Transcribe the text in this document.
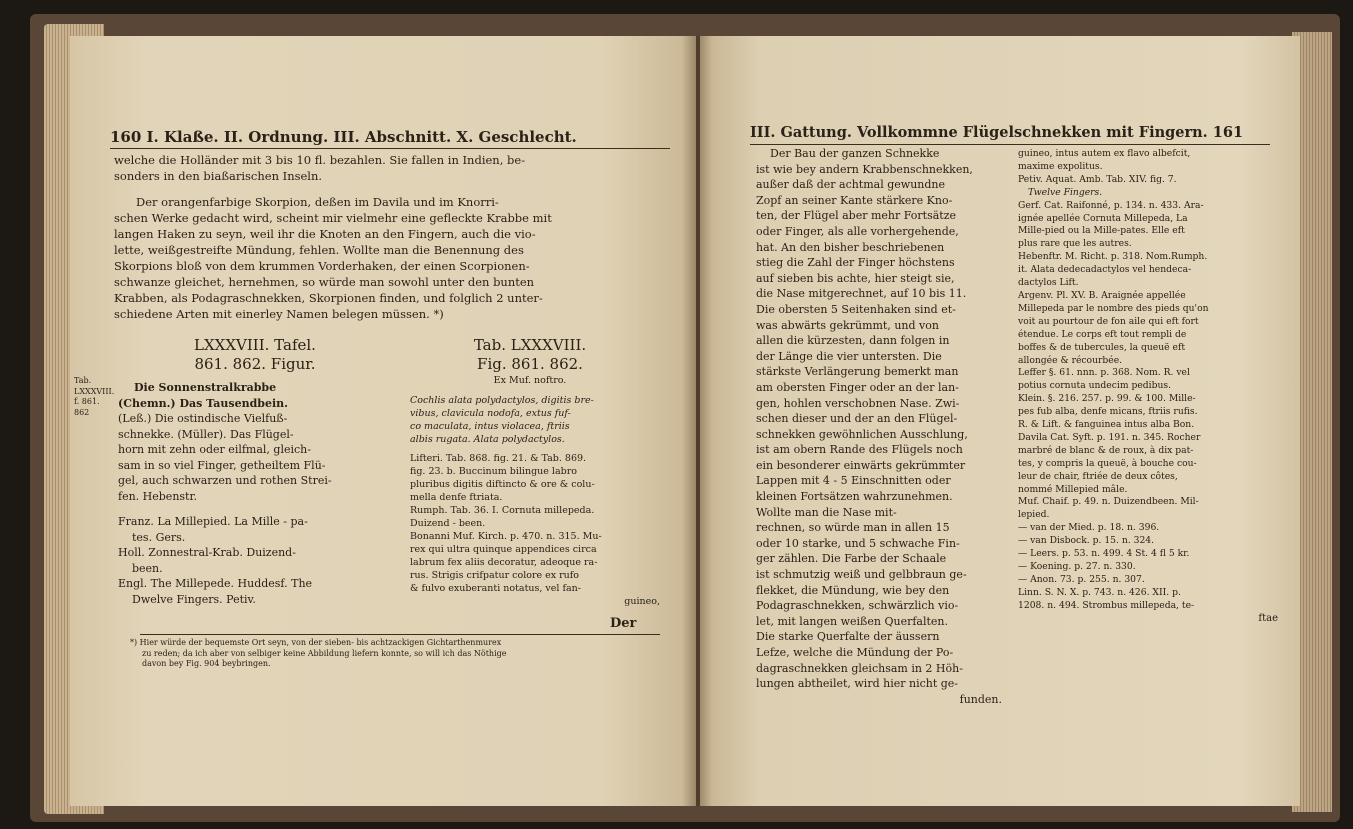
160 I. Klaße. II. Ordnung. III. Abschnitt. X. Geschlecht.
welche die Holländer mit 3 bis 10 fl. bezahlen. Sie fallen in Indien, be-
sonders in den biaßarischen Inseln.
Der orangenfarbige Skorpion, deßen im Davila und im Knorri-
schen Werke gedacht wird, scheint mir vielmehr eine gefleckte Krabbe mit
langen Haken zu seyn, weil ihr die Knoten an den Fingern, auch die vio-
lette, weißgestreifte Mündung, fehlen. Wollte man die Benennung des
Skorpions bloß von dem krummen Vorderhaken, der einen Scorpionen-
schwanze gleichet, hernehmen, so würde man sowohl unter den bunten
Krabben, als Podagraschnekken, Skorpionen finden, und folglich 2 unter-
schiedene Arten mit einerley Namen belegen müssen. *)
LXXXVIII. Tafel.
861. 862. Figur.
Tab. LXXXVIII.
Fig. 861. 862.
Ex Muf. noftro.
Tab. LXXXVIII. f. 861. 862
Die Sonnenstralkrabbe
(Chemn.) Das Tausendbein.
(Leß.) Die ostindische Vielfuß-
schnekke. (Müller). Das Flügel-
horn mit zehn oder eilfmal, gleich-
sam in so viel Finger, getheiltem Flü-
gel, auch schwarzen und rothen Strei-
fen. Hebenstr.
Franz. La Millepied. La Mille - pa-
tes. Gers.
Holl. Zonnestral-Krab. Duizend-
been.
Engl. The Millepede. Huddesf. The
Dwelve Fingers. Petiv.
Cochlis alata polydactylos, digitis bre-
vibus, clavicula nodofa, extus fuf-
co maculata, intus violacea, ftriis
albis rugata. Alata polydactylos.
Lifteri. Tab. 868. fig. 21. & Tab. 869.
fig. 23. b. Buccinum bilingue labro
pluribus digitis diftincto & ore & colu-
mella denfe ftriata.
Rumph. Tab. 36. I. Cornuta millepeda.
Duizend - been.
Bonanni Muf. Kirch. p. 470. n. 315. Mu-
rex qui ultra quinque appendices circa
labrum fex aliis decoratur, adeoque ra-
rus. Strigis crifpatur colore ex rufo
& fulvo exuberanti notatus, vel fan-
guineo,
Der
*) Hier würde der bequemste Ort seyn, von der sieben- bis achtzackigen Gichtarthenmurex
zu reden; da ich aber von selbiger keine Abbildung liefern konnte, so will ich das Nöthige
davon bey Fig. 904 beybringen.
III. Gattung. Vollkommne Flügelschnekken mit Fingern. 161
Der Bau der ganzen Schnekke
ist wie bey andern Krabbenschnekken,
außer daß der achtmal gewundne
Zopf an seiner Kante stärkere Kno-
ten, der Flügel aber mehr Fortsätze
oder Finger, als alle vorhergehende,
hat. An den bisher beschriebenen
stieg die Zahl der Finger höchstens
auf sieben bis achte, hier steigt sie,
die Nase mitgerechnet, auf 10 bis 11.
Die obersten 5 Seitenhaken sind et-
was abwärts gekrümmt, und von
allen die kürzesten, dann folgen in
der Länge die vier untersten. Die
stärkste Verlängerung bemerkt man
am obersten Finger oder an der lan-
gen, hohlen verschobnen Nase. Zwi-
schen dieser und der an den Flügel-
schnekken gewöhnlichen Ausschlung,
ist am obern Rande des Flügels noch
ein besonderer einwärts gekrümmter
Lappen mit 4 - 5 Einschnitten oder
kleinen Fortsätzen wahrzunehmen.
Wollte man die Nase mit-
rechnen, so würde man in allen 15
oder 10 starke, und 5 schwache Fin-
ger zählen. Die Farbe der Schaale
ist schmutzig weiß und gelbbraun ge-
flekket, die Mündung, wie bey den
Podagraschnekken, schwärzlich vio-
let, mit langen weißen Querfalten.
Die starke Querfalte der äussern
Lefze, welche die Mündung der Po-
dagraschnekken gleichsam in 2 Höh-
lungen abtheilet, wird hier nicht ge-
funden.
guineo, intus autem ex flavo albefcit,
maxime expolitus.
Petiv. Aquat. Amb. Tab. XIV. fig. 7.
Twelve Fingers.
Gerf. Cat. Raifonné, p. 134. n. 433. Ara-
ignée apellée Cornuta Millepeda, La
Mille-pied ou la Mille-pates. Elle eft
plus rare que les autres.
Hebenftr. M. Richt. p. 318. Nom.Rumph.
it. Alata dedecadactylos vel hendeca-
dactylos Lift.
Argenv. Pl. XV. B. Araignée appellée
Millepeda par le nombre des pieds qu'on
voit au pourtour de fon aile qui eft fort
étendue. Le corps eft tout rempli de
boffes & de tubercules, la queuë eft
allongée & récourbée.
Leffer §. 61. nnn. p. 368. Nom. R. vel
potius cornuta undecim pedibus.
Klein. §. 216. 257. p. 99. & 100. Mille-
pes fub alba, denfe micans, ftriis rufis.
R. & Lift. & fanguinea intus alba Bon.
Davila Cat. Syft. p. 191. n. 345. Rocher
marbré de blanc & de roux, à dix pat-
tes, y compris la queuë, à bouche cou-
leur de chair, ftriée de deux côtes,
nommé Millepied mâle.
Muf. Chaif. p. 49. n. Duizendbeen. Mil-
lepied.
— van der Mied. p. 18. n. 396.
— van Disbock. p. 15. n. 324.
— Leers. p. 53. n. 499. 4 St. 4 fl 5 kr.
— Koening. p. 27. n. 330.
— Anon. 73. p. 255. n. 307.
Linn. S. N. X. p. 743. n. 426. XII. p.
1208. n. 494. Strombus millepeda, te-
ftae
